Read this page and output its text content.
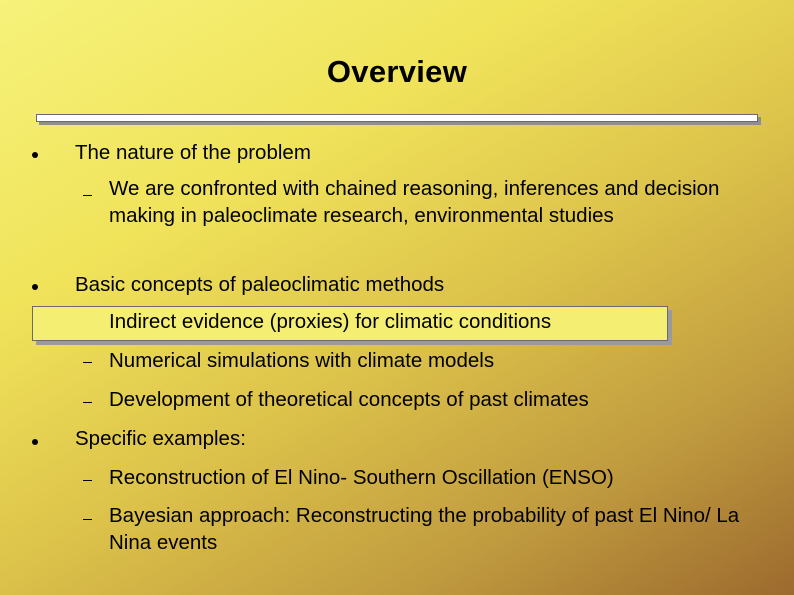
Overview
The nature of the problem
We are confronted with chained reasoning, inferences and decision making in paleoclimate research, environmental studies
Basic concepts of paleoclimatic methods
Indirect evidence (proxies) for climatic conditions
Numerical simulations with climate models
Development of theoretical concepts of past climates
Specific examples:
Reconstruction of El Nino- Southern Oscillation (ENSO)
Bayesian approach: Reconstructing the probability of past El Nino/ La Nina events
